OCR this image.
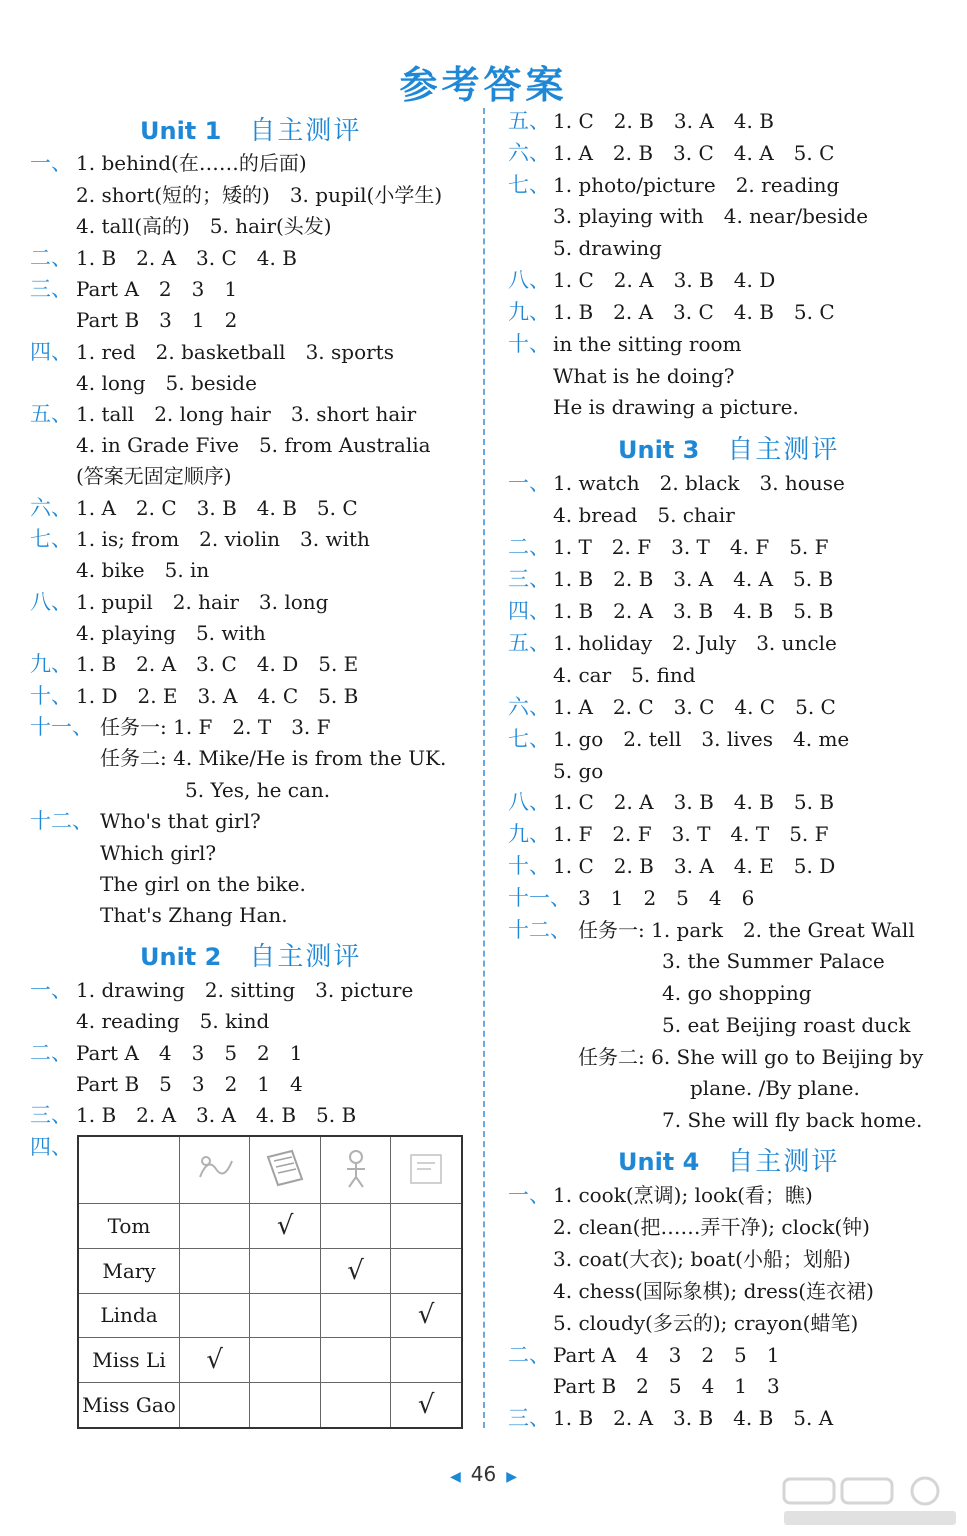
参考答案
Unit 1 自主测评
一、 1. behind(在……的后面)
2. short(短的；矮的)　3. pupil(小学生)
4. tall(高的)　5. hair(头发)
二、 1. B　2. A　3. C　4. B
三、 Part A　2　3　1
Part B　3　1　2
四、 1. red　2. basketball　3. sports
4. long　5. beside
五、 1. tall　2. long hair　3. short hair
4. in Grade Five　5. from Australia
(答案无固定顺序)
六、 1. A　2. C　3. B　4. B　5. C
七、 1. is; from　2. violin　3. with
4. bike　5. in
八、 1. pupil　2. hair　3. long
4. playing　5. with
九、 1. B　2. A　3. C　4. D　5. E
十、 1. D　2. E　3. A　4. C　5. B
十一、 任务一: 1. F　2. T　3. F
任务二: 4. Mike/He is from the UK.
5. Yes, he can.
十二、 Who's that girl?
Which girl?
The girl on the bike.
That's Zhang Han.
Unit 2 自主测评
一、 1. drawing　2. sitting　3. picture
4. reading　5. kind
二、 Part A　4　3　5　2　1
Part B　5　3　2　1　4
三、 1. B　2. A　3. A　4. B　5. B
四、
五、 1. C　2. B　3. A　4. B
六、 1. A　2. B　3. C　4. A　5. C
七、 1. photo/picture　2. reading
3. playing with　4. near/beside
5. drawing
八、 1. C　2. A　3. B　4. D
九、 1. B　2. A　3. C　4. B　5. C
十、 in the sitting room
What is he doing?
He is drawing a picture.
Unit 3 自主测评
一、 1. watch　2. black　3. house
4. bread　5. chair
二、 1. T　2. F　3. T　4. F　5. F
三、 1. B　2. B　3. A　4. A　5. B
四、 1. B　2. A　3. B　4. B　5. B
五、 1. holiday　2. July　3. uncle
4. car　5. find
六、 1. A　2. C　3. C　4. C　5. C
七、 1. go　2. tell　3. lives　4. me
5. go
八、 1. C　2. A　3. B　4. B　5. B
九、 1. F　2. F　3. T　4. T　5. F
十、 1. C　2. B　3. A　4. E　5. D
十一、 3　1　2　5　4　6
十二、 任务一: 1. park　2. the Great Wall
3. the Summer Palace
4. go shopping
5. eat Beijing roast duck
任务二: 6. She will go to Beijing by
plane. /By plane.
7. She will fly back home.
Unit 4 自主测评
一、 1. cook(烹调); look(看；瞧)
2. clean(把……弄干净); clock(钟)
3. coat(大衣); boat(小船；划船)
4. chess(国际象棋); dress(连衣裙)
5. cloudy(多云的); crayon(蜡笔)
二、 Part A　4　3　2　5　1
Part B　2　5　4　1　3
三、 1. B　2. A　3. B　4. B　5. A

Tom		√		
Mary			√	
Linda				√
Miss Li	√			
Miss Gao				√
◀ 46 ▶
